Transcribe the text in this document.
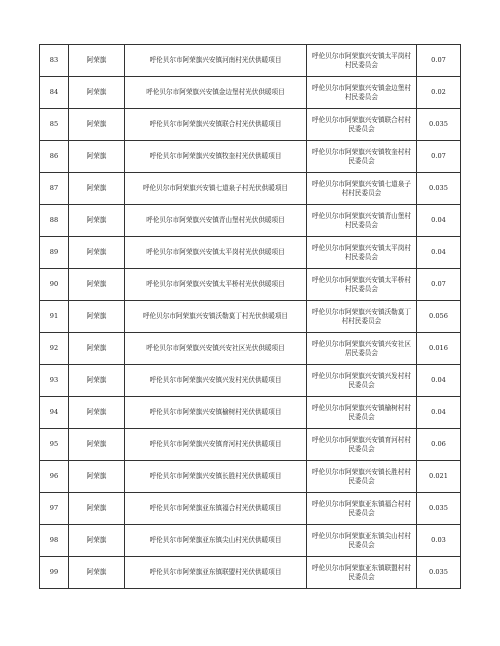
83	阿荣旗	呼伦贝尔市阿荣旗兴安镇河南村光伏供暖项目	呼伦贝尔市阿荣旗兴安镇太平岗村村民委员会	0.07
84	阿荣旗	呼伦贝尔市阿荣旗兴安镇金边堡村光伏供暖项目	呼伦贝尔市阿荣旗兴安镇金边堡村村民委员会	0.02
85	阿荣旗	呼伦贝尔市阿荣旗兴安镇联合村光伏供暖项目	呼伦贝尔市阿荣旗兴安镇联合村村民委员会	0.035
86	阿荣旗	呼伦贝尔市阿荣旗兴安镇牧奎村光伏供暖项目	呼伦贝尔市阿荣旗兴安镇牧奎村村民委员会	0.07
87	阿荣旗	呼伦贝尔市阿荣旗兴安镇七道泉子村光伏供暖项目	呼伦贝尔市阿荣旗兴安镇七道泉子村村民委员会	0.035
88	阿荣旗	呼伦贝尔市阿荣旗兴安镇青山堡村光伏供暖项目	呼伦贝尔市阿荣旗兴安镇青山堡村村民委员会	0.04
89	阿荣旗	呼伦贝尔市阿荣旗兴安镇太平岗村光伏供暖项目	呼伦贝尔市阿荣旗兴安镇太平岗村村民委员会	0.04
90	阿荣旗	呼伦贝尔市阿荣旗兴安镇太平桥村光伏供暖项目	呼伦贝尔市阿荣旗兴安镇太平桥村村民委员会	0.07
91	阿荣旗	呼伦贝尔市阿荣旗兴安镇沃勒莫丁村光伏供暖项目	呼伦贝尔市阿荣旗兴安镇沃勒莫丁村村民委员会	0.056
92	阿荣旗	呼伦贝尔市阿荣旗兴安镇兴安社区光伏供暖项目	呼伦贝尔市阿荣旗兴安镇兴安社区居民委员会	0.016
93	阿荣旗	呼伦贝尔市阿荣旗兴安镇兴发村光伏供暖项目	呼伦贝尔市阿荣旗兴安镇兴发村村民委员会	0.04
94	阿荣旗	呼伦贝尔市阿荣旗兴安镇榆树村光伏供暖项目	呼伦贝尔市阿荣旗兴安镇榆树村村民委员会	0.04
95	阿荣旗	呼伦贝尔市阿荣旗兴安镇育河村光伏供暖项目	呼伦贝尔市阿荣旗兴安镇育河村村民委员会	0.06
96	阿荣旗	呼伦贝尔市阿荣旗兴安镇长胜村光伏供暖项目	呼伦贝尔市阿荣旗兴安镇长胜村村民委员会	0.021
97	阿荣旗	呼伦贝尔市阿荣旗亚东镇福合村光伏供暖项目	呼伦贝尔市阿荣旗亚东镇福合村村民委员会	0.035
98	阿荣旗	呼伦贝尔市阿荣旗亚东镇尖山村光伏供暖项目	呼伦贝尔市阿荣旗亚东镇尖山村村民委员会	0.03
99	阿荣旗	呼伦贝尔市阿荣旗亚东镇联盟村光伏供暖项目	呼伦贝尔市阿荣旗亚东镇联盟村村民委员会	0.035
